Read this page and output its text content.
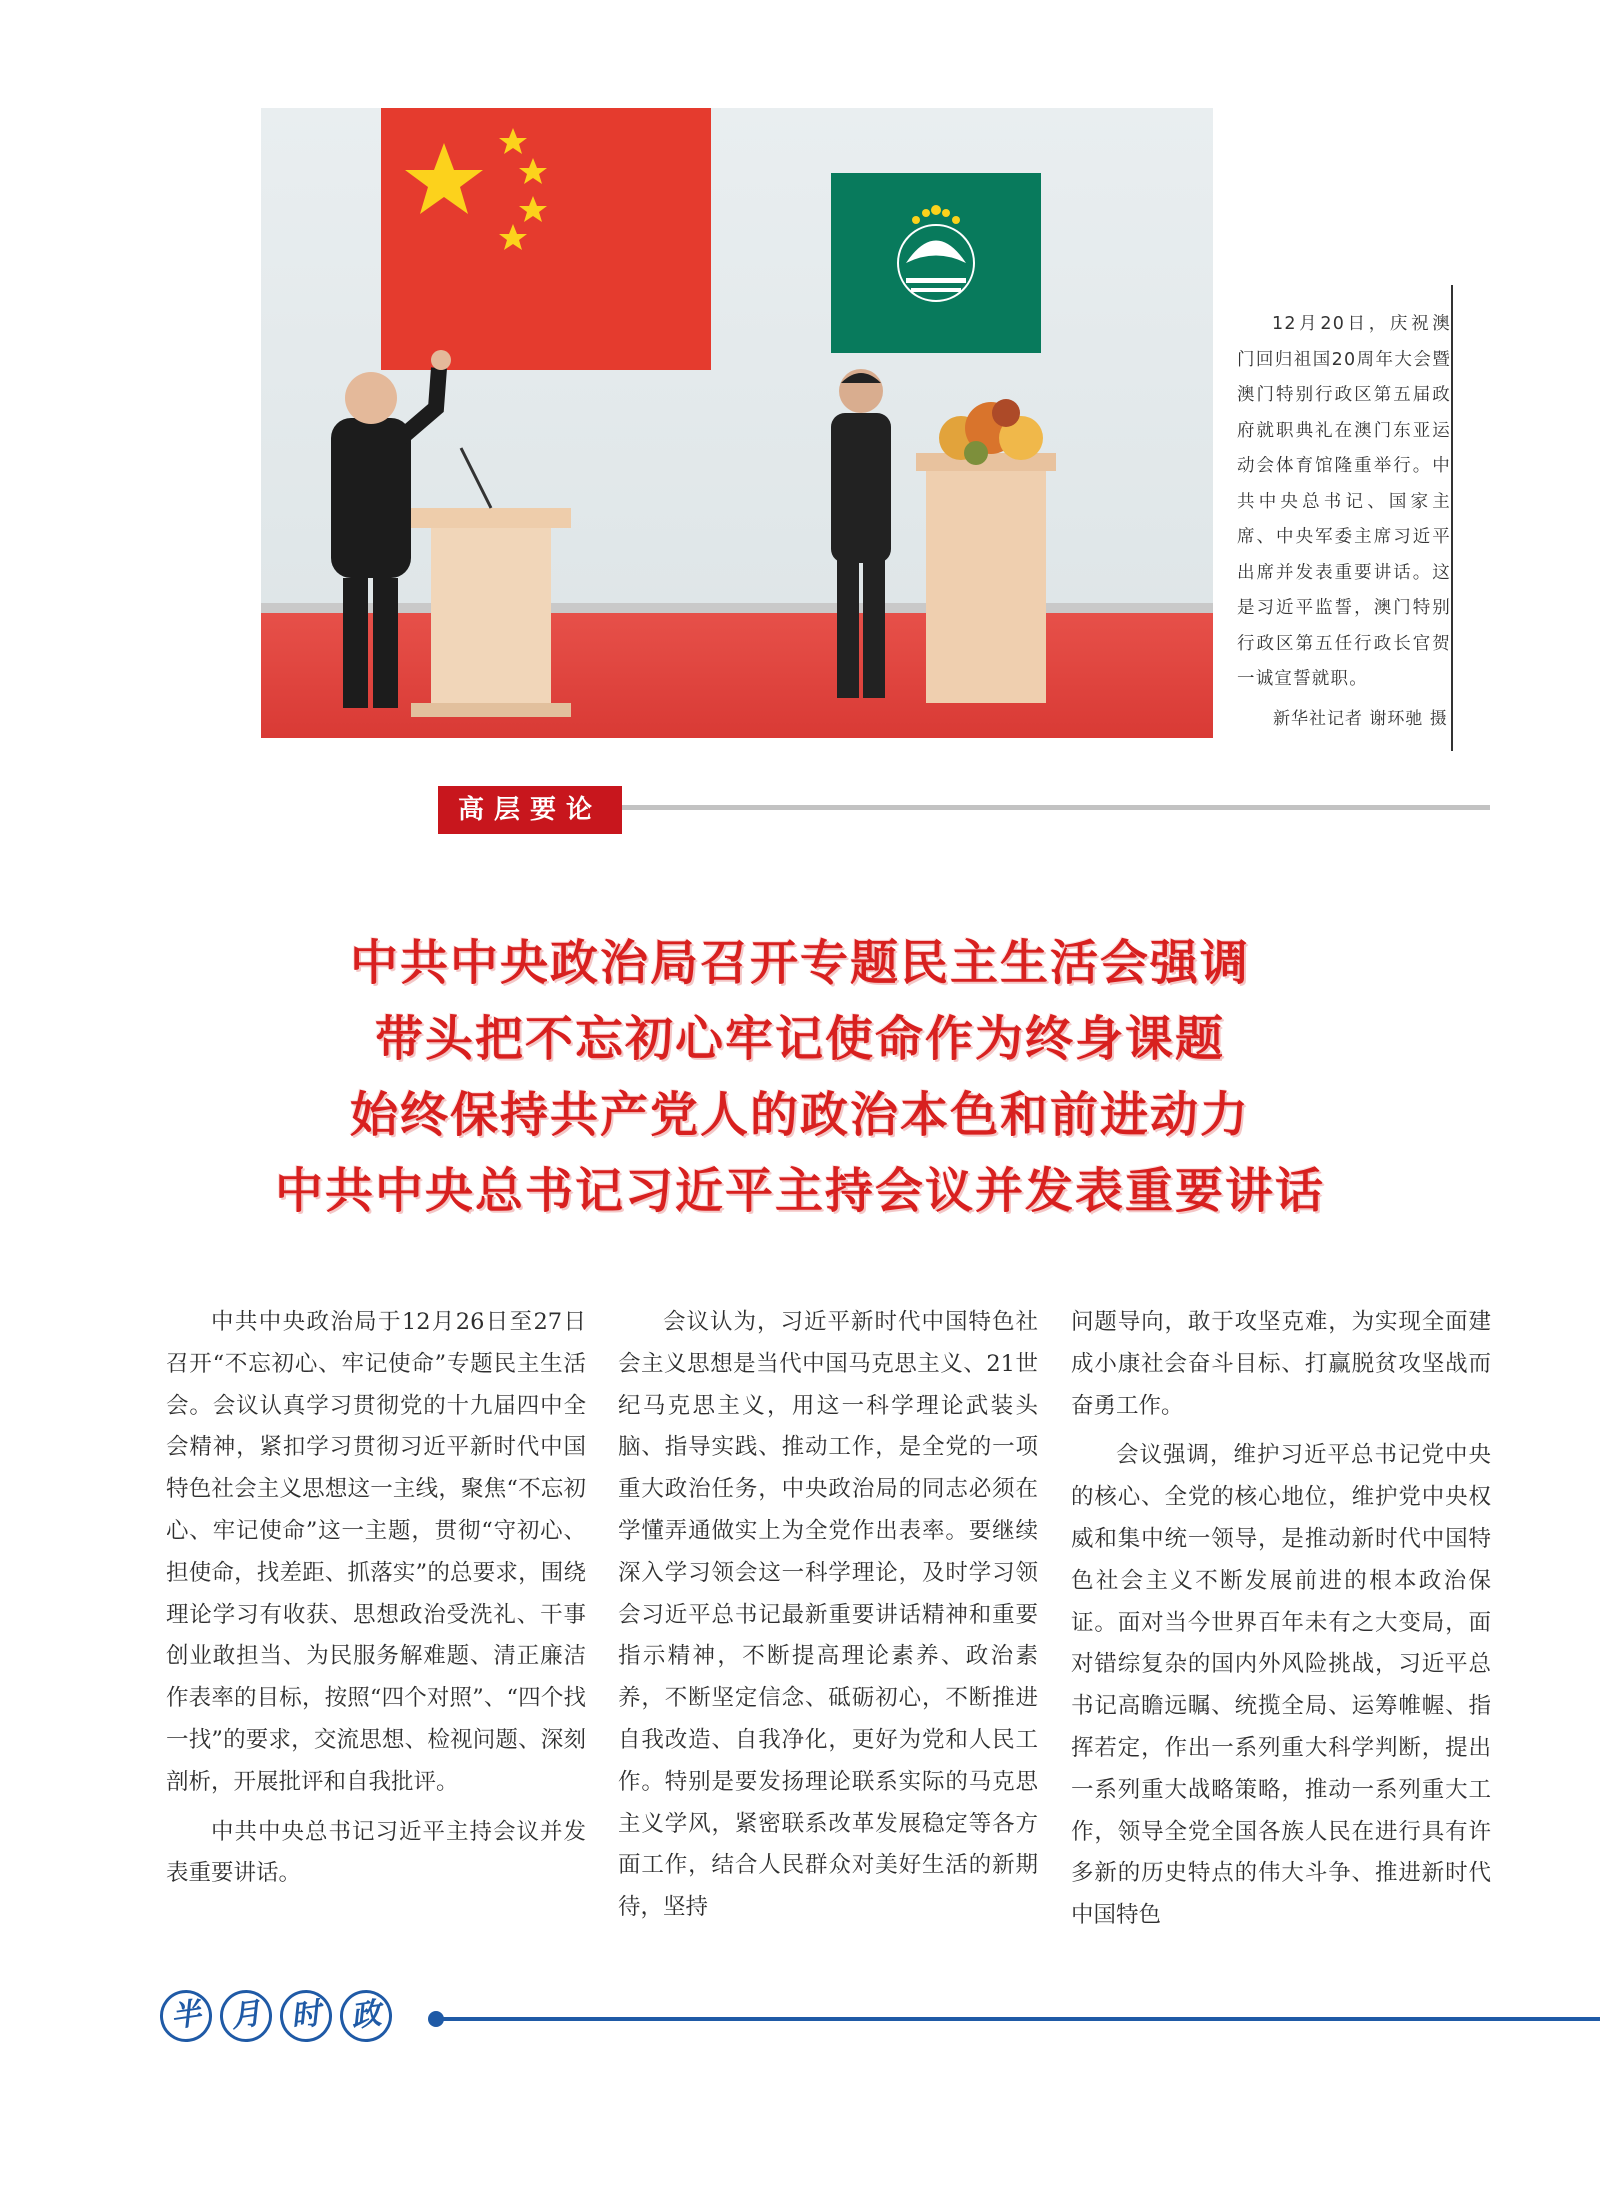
12月20日，庆祝澳门回归祖国20周年大会暨澳门特别行政区第五届政府就职典礼在澳门东亚运动会体育馆隆重举行。中共中央总书记、国家主席、中央军委主席习近平出席并发表重要讲话。这是习近平监誓，澳门特别行政区第五任行政长官贺一诚宣誓就职。

新华社记者 谢环驰 摄
高层要论
中共中央政治局召开专题民主生活会强调
带头把不忘初心牢记使命作为终身课题
始终保持共产党人的政治本色和前进动力
中共中央总书记习近平主持会议并发表重要讲话

中共中央政治局于12月26日至27日召开“不忘初心、牢记使命”专题民主生活会。会议认真学习贯彻党的十九届四中全会精神，紧扣学习贯彻习近平新时代中国特色社会主义思想这一主线，聚焦“不忘初心、牢记使命”这一主题，贯彻“守初心、担使命，找差距、抓落实”的总要求，围绕理论学习有收获、思想政治受洗礼、干事创业敢担当、为民服务解难题、清正廉洁作表率的目标，按照“四个对照”、“四个找一找”的要求，交流思想、检视问题、深刻剖析，开展批评和自我批评。

中共中央总书记习近平主持会议并发表重要讲话。

会议认为，习近平新时代中国特色社会主义思想是当代中国马克思主义、21世纪马克思主义，用这一科学理论武装头脑、指导实践、推动工作，是全党的一项重大政治任务，中央政治局的同志必须在学懂弄通做实上为全党作出表率。要继续深入学习领会这一科学理论，及时学习领会习近平总书记最新重要讲话精神和重要指示精神，不断提高理论素养、政治素养，不断坚定信念、砥砺初心，不断推进自我改造、自我净化，更好为党和人民工作。特别是要发扬理论联系实际的马克思主义学风，紧密联系改革发展稳定等各方面工作，结合人民群众对美好生活的新期待，坚持

问题导向，敢于攻坚克难，为实现全面建成小康社会奋斗目标、打赢脱贫攻坚战而奋勇工作。

会议强调，维护习近平总书记党中央的核心、全党的核心地位，维护党中央权威和集中统一领导，是推动新时代中国特色社会主义不断发展前进的根本政治保证。面对当今世界百年未有之大变局，面对错综复杂的国内外风险挑战，习近平总书记高瞻远瞩、统揽全局、运筹帷幄、指挥若定，作出一系列重大科学判断，提出一系列重大战略策略，推动一系列重大工作，领导全党全国各族人民在进行具有许多新的历史特点的伟大斗争、推进新时代中国特色

半 月 时 政
